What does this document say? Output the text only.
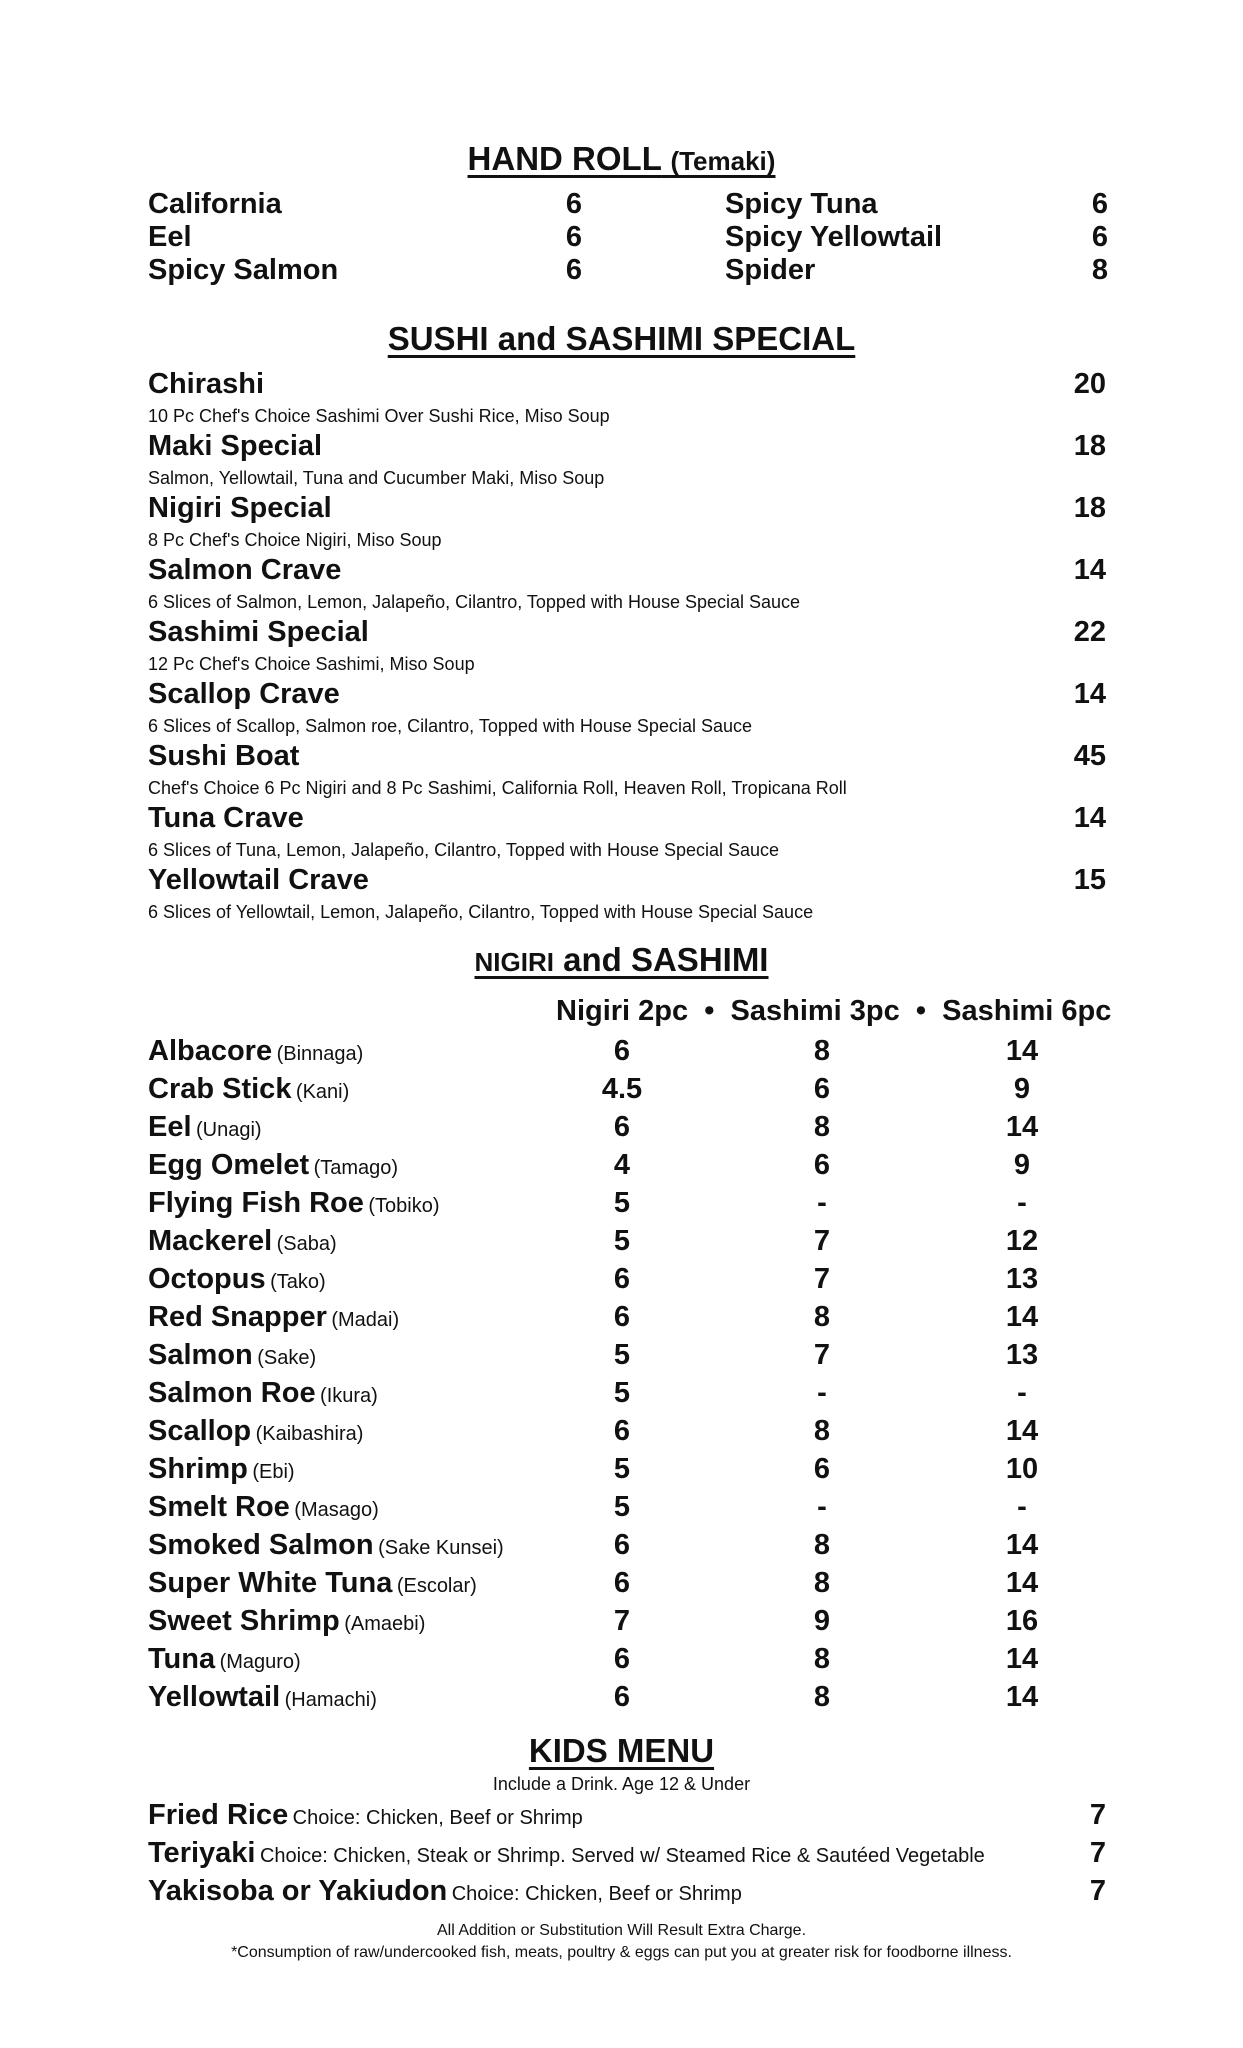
HAND ROLL (Temaki)
California	6	Spicy Tuna	6
Eel	6	Spicy Yellowtail	6
Spicy Salmon	6	Spider	8
SUSHI and SASHIMI SPECIAL
Chirashi	20
10 Pc Chef's Choice Sashimi Over Sushi Rice, Miso Soup
Maki Special	18
Salmon, Yellowtail, Tuna and Cucumber Maki, Miso Soup
Nigiri Special	18
8 Pc Chef's Choice Nigiri, Miso Soup
Salmon Crave	14
6 Slices of Salmon, Lemon, Jalapeño, Cilantro, Topped with House Special Sauce
Sashimi Special	22
12 Pc Chef's Choice Sashimi, Miso Soup
Scallop Crave	14
6 Slices of Scallop, Salmon roe, Cilantro, Topped with House Special Sauce
Sushi Boat	45
Chef's Choice 6 Pc Nigiri and 8 Pc Sashimi, California Roll, Heaven Roll, Tropicana Roll
Tuna Crave	14
6 Slices of Tuna, Lemon, Jalapeño, Cilantro, Topped with House Special Sauce
Yellowtail Crave	15
6 Slices of Yellowtail, Lemon, Jalapeño, Cilantro, Topped with House Special Sauce
NIGIRI and SASHIMI
Nigiri 2pc  •  Sashimi 3pc  •  Sashimi 6pc
Albacore (Binnaga)	6	8	14
Crab Stick (Kani)	4.5	6	9
Eel (Unagi)	6	8	14
Egg Omelet (Tamago)	4	6	9
Flying Fish Roe (Tobiko)	5	-	-
Mackerel (Saba)	5	7	12
Octopus (Tako)	6	7	13
Red Snapper (Madai)	6	8	14
Salmon (Sake)	5	7	13
Salmon Roe (Ikura)	5	-	-
Scallop (Kaibashira)	6	8	14
Shrimp (Ebi)	5	6	10
Smelt Roe (Masago)	5	-	-
Smoked Salmon (Sake Kunsei)	6	8	14
Super White Tuna (Escolar)	6	8	14
Sweet Shrimp (Amaebi)	7	9	16
Tuna (Maguro)	6	8	14
Yellowtail (Hamachi)	6	8	14
KIDS MENU
Include a Drink. Age 12 & Under
Fried Rice Choice: Chicken, Beef or Shrimp	7
Teriyaki Choice: Chicken, Steak or Shrimp. Served w/ Steamed Rice & Sautéed Vegetable	7
Yakisoba or Yakiudon Choice: Chicken, Beef or Shrimp	7
All Addition or Substitution Will Result Extra Charge.
*Consumption of raw/undercooked fish, meats, poultry & eggs can put you at greater risk for foodborne illness.
